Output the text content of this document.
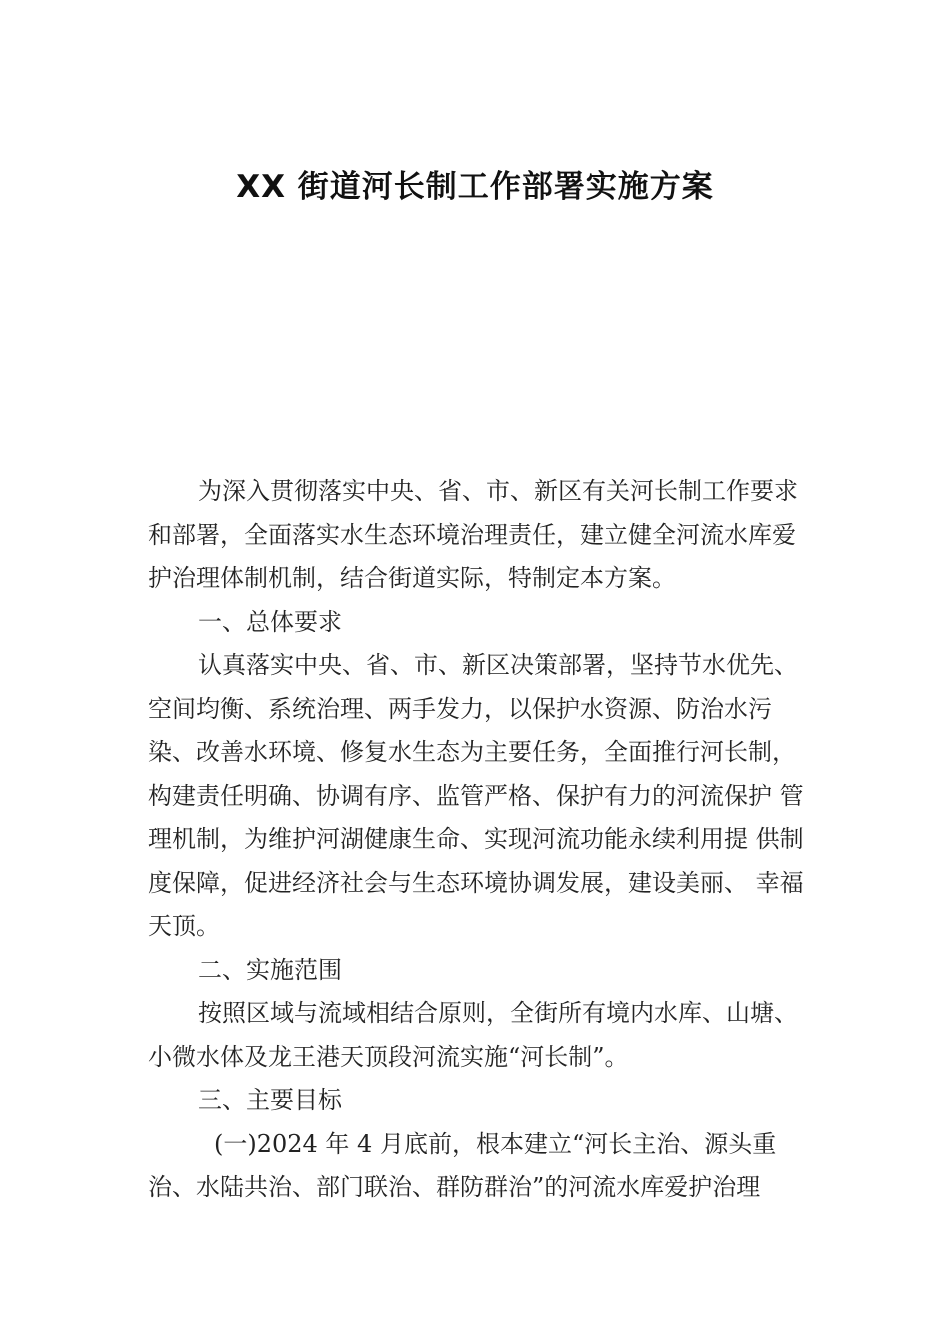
XX 街道河长制工作部署实施方案

为深入贯彻落实中央、省、市、新区有关河长制工作要求和部署，全面落实水生态环境治理责任，建立健全河流水库爱护治理体制机制，结合街道实际，特制定本方案。

一、总体要求

认真落实中央、省、市、新区决策部署，坚持节水优先、 空间均衡、系统治理、两手发力，以保护水资源、防治水污 染、改善水环境、修复水生态为主要任务，全面推行河长制， 构建责任明确、协调有序、监管严格、保护有力的河流保护 管理机制，为维护河湖健康生命、实现河流功能永续利用提 供制度保障，促进经济社会与生态环境协调发展，建设美丽、 幸福天顶。

二、实施范围

按照区域与流域相结合原则，全街所有境内水库、山塘、 小微水体及龙王港天顶段河流实施“河长制”。

三、主要目标

(一)2024 年 4 月底前，根本建立“河长主治、源头重 治、水陆共治、部门联治、群防群治”的河流水库爱护治理
